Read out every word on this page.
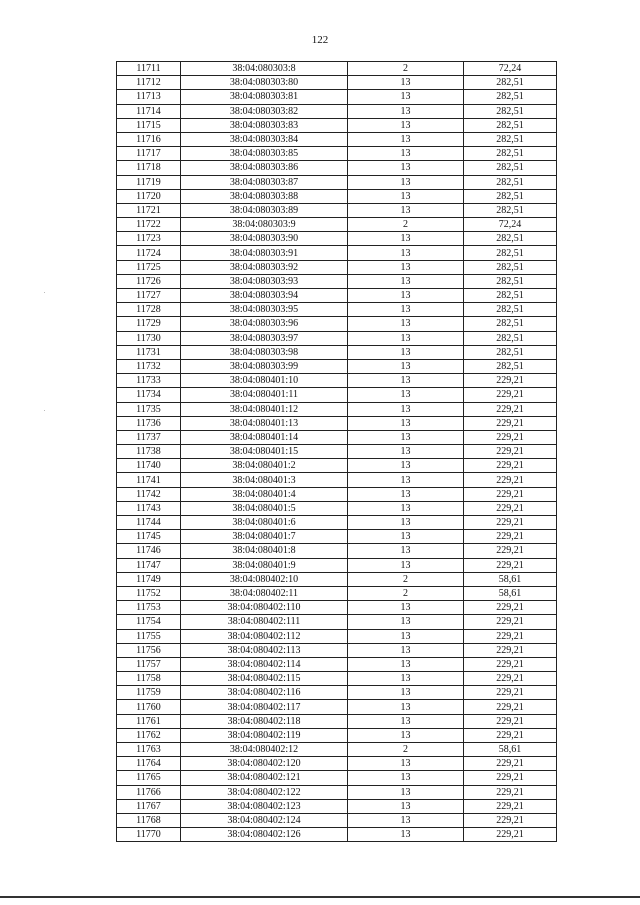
122
11711	38:04:080303:8	2	72,24
11712	38:04:080303:80	13	282,51
11713	38:04:080303:81	13	282,51
11714	38:04:080303:82	13	282,51
11715	38:04:080303:83	13	282,51
11716	38:04:080303:84	13	282,51
11717	38:04:080303:85	13	282,51
11718	38:04:080303:86	13	282,51
11719	38:04:080303:87	13	282,51
11720	38:04:080303:88	13	282,51
11721	38:04:080303:89	13	282,51
11722	38:04:080303:9	2	72,24
11723	38:04:080303:90	13	282,51
11724	38:04:080303:91	13	282,51
11725	38:04:080303:92	13	282,51
11726	38:04:080303:93	13	282,51
11727	38:04:080303:94	13	282,51
11728	38:04:080303:95	13	282,51
11729	38:04:080303:96	13	282,51
11730	38:04:080303:97	13	282,51
11731	38:04:080303:98	13	282,51
11732	38:04:080303:99	13	282,51
11733	38:04:080401:10	13	229,21
11734	38:04:080401:11	13	229,21
11735	38:04:080401:12	13	229,21
11736	38:04:080401:13	13	229,21
11737	38:04:080401:14	13	229,21
11738	38:04:080401:15	13	229,21
11740	38:04:080401:2	13	229,21
11741	38:04:080401:3	13	229,21
11742	38:04:080401:4	13	229,21
11743	38:04:080401:5	13	229,21
11744	38:04:080401:6	13	229,21
11745	38:04:080401:7	13	229,21
11746	38:04:080401:8	13	229,21
11747	38:04:080401:9	13	229,21
11749	38:04:080402:10	2	58,61
11752	38:04:080402:11	2	58,61
11753	38:04:080402:110	13	229,21
11754	38:04:080402:111	13	229,21
11755	38:04:080402:112	13	229,21
11756	38:04:080402:113	13	229,21
11757	38:04:080402:114	13	229,21
11758	38:04:080402:115	13	229,21
11759	38:04:080402:116	13	229,21
11760	38:04:080402:117	13	229,21
11761	38:04:080402:118	13	229,21
11762	38:04:080402:119	13	229,21
11763	38:04:080402:12	2	58,61
11764	38:04:080402:120	13	229,21
11765	38:04:080402:121	13	229,21
11766	38:04:080402:122	13	229,21
11767	38:04:080402:123	13	229,21
11768	38:04:080402:124	13	229,21
11770	38:04:080402:126	13	229,21
